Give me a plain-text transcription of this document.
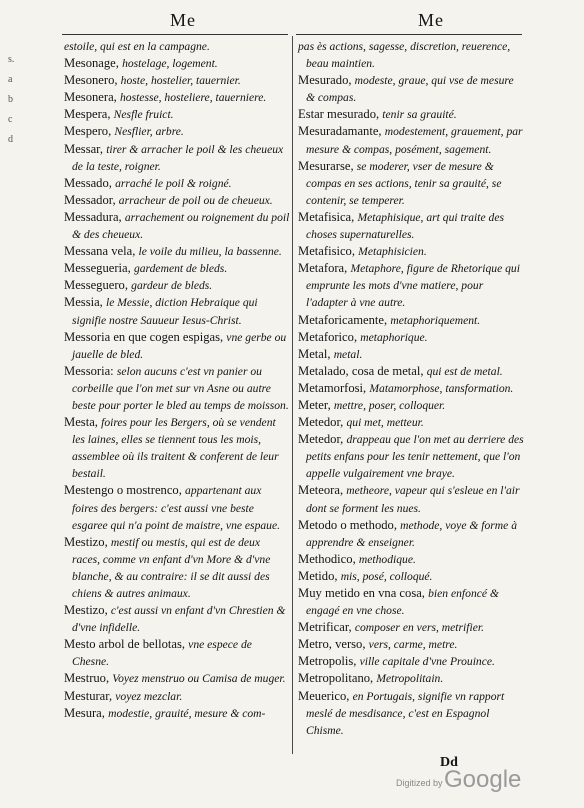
Me	Me
s.
a
b
c
d

estoile, qui est en la campagne.

Mesonage, hostelage, logement.

Mesonero, hoste, hostelier, tauernier.

Mesonera, hostesse, hosteliere, tauerniere.

Mespera, Nesfle fruict.

Mespero, Nesflier, arbre.

Messar, tirer & arracher le poil & les cheueux de la teste, roigner.

Messado, arraché le poil & roigné.

Messador, arracheur de poil ou de cheueux.

Messadura, arrachement ou roignement du poil & des cheueux.

Messana vela, le voile du milieu, la bassenne.

Messegueria, gardement de bleds.

Messeguero, gardeur de bleds.

Messia, le Messie, diction Hebraique qui signifie nostre Sauueur Iesus-Christ.

Messoria en que cogen espigas, vne gerbe ou jauelle de bled.

Messoria: selon aucuns c'est vn panier ou corbeille que l'on met sur vn Asne ou autre beste pour porter le bled au temps de moisson.

Mesta, foires pour les Bergers, où se vendent les laines, elles se tiennent tous les mois, assemblee où ils traitent & conferent de leur bestail.

Mestengo o mostrenco, appartenant aux foires des bergers: c'est aussi vne beste esgaree qui n'a point de maistre, vne espaue.

Mestizo, mestif ou mestis, qui est de deux races, comme vn enfant d'vn More & d'vne blanche, & au contraire: il se dit aussi des chiens & autres animaux.

Mestizo, c'est aussi vn enfant d'vn Chrestien & d'vne infidelle.

Mesto arbol de bellotas, vne espece de Chesne.

Mestruo, Voyez menstruo ou Camisa de muger.

Mesturar, voyez mezclar.

Mesura, modestie, grauité, mesure & com-

pas ès actions, sagesse, discretion, reuerence, beau maintien.

Mesurado, modeste, graue, qui vse de mesure & compas.

Estar mesurado, tenir sa grauité.

Mesuradamante, modestement, grauement, par mesure & compas, posément, sagement.

Mesurarse, se moderer, vser de mesure & compas en ses actions, tenir sa grauité, se contenir, se temperer.

Metafisica, Metaphisique, art qui traite des choses supernaturelles.

Metafisico, Metaphisicien.

Metafora, Metaphore, figure de Rhetorique qui emprunte les mots d'vne matiere, pour l'adapter à vne autre.

Metaforicamente, metaphoriquement.

Metaforico, metaphorique.

Metal, metal.

Metalado, cosa de metal, qui est de metal.

Metamorfosi, Matamorphose, tansformation.

Meter, mettre, poser, colloquer.

Metedor, qui met, metteur.

Metedor, drappeau que l'on met au derriere des petits enfans pour les tenir nettement, que l'on appelle vulgairement vne braye.

Meteora, metheore, vapeur qui s'esleue en l'air dont se forment les nues.

Metodo o methodo, methode, voye & forme à apprendre & enseigner.

Methodico, methodique.

Metido, mis, posé, colloqué.

Muy metido en vna cosa, bien enfoncé & engagé en vne chose.

Metrificar, composer en vers, metrifier.

Metro, verso, vers, carme, metre.

Metropolis, ville capitale d'vne Prouince.

Metropolitano, Metropolitain.

Meuerico, en Portugais, signifie vn rapport meslé de mesdisance, c'est en Espagnol Chisme.

Dd
Digitized by Google
